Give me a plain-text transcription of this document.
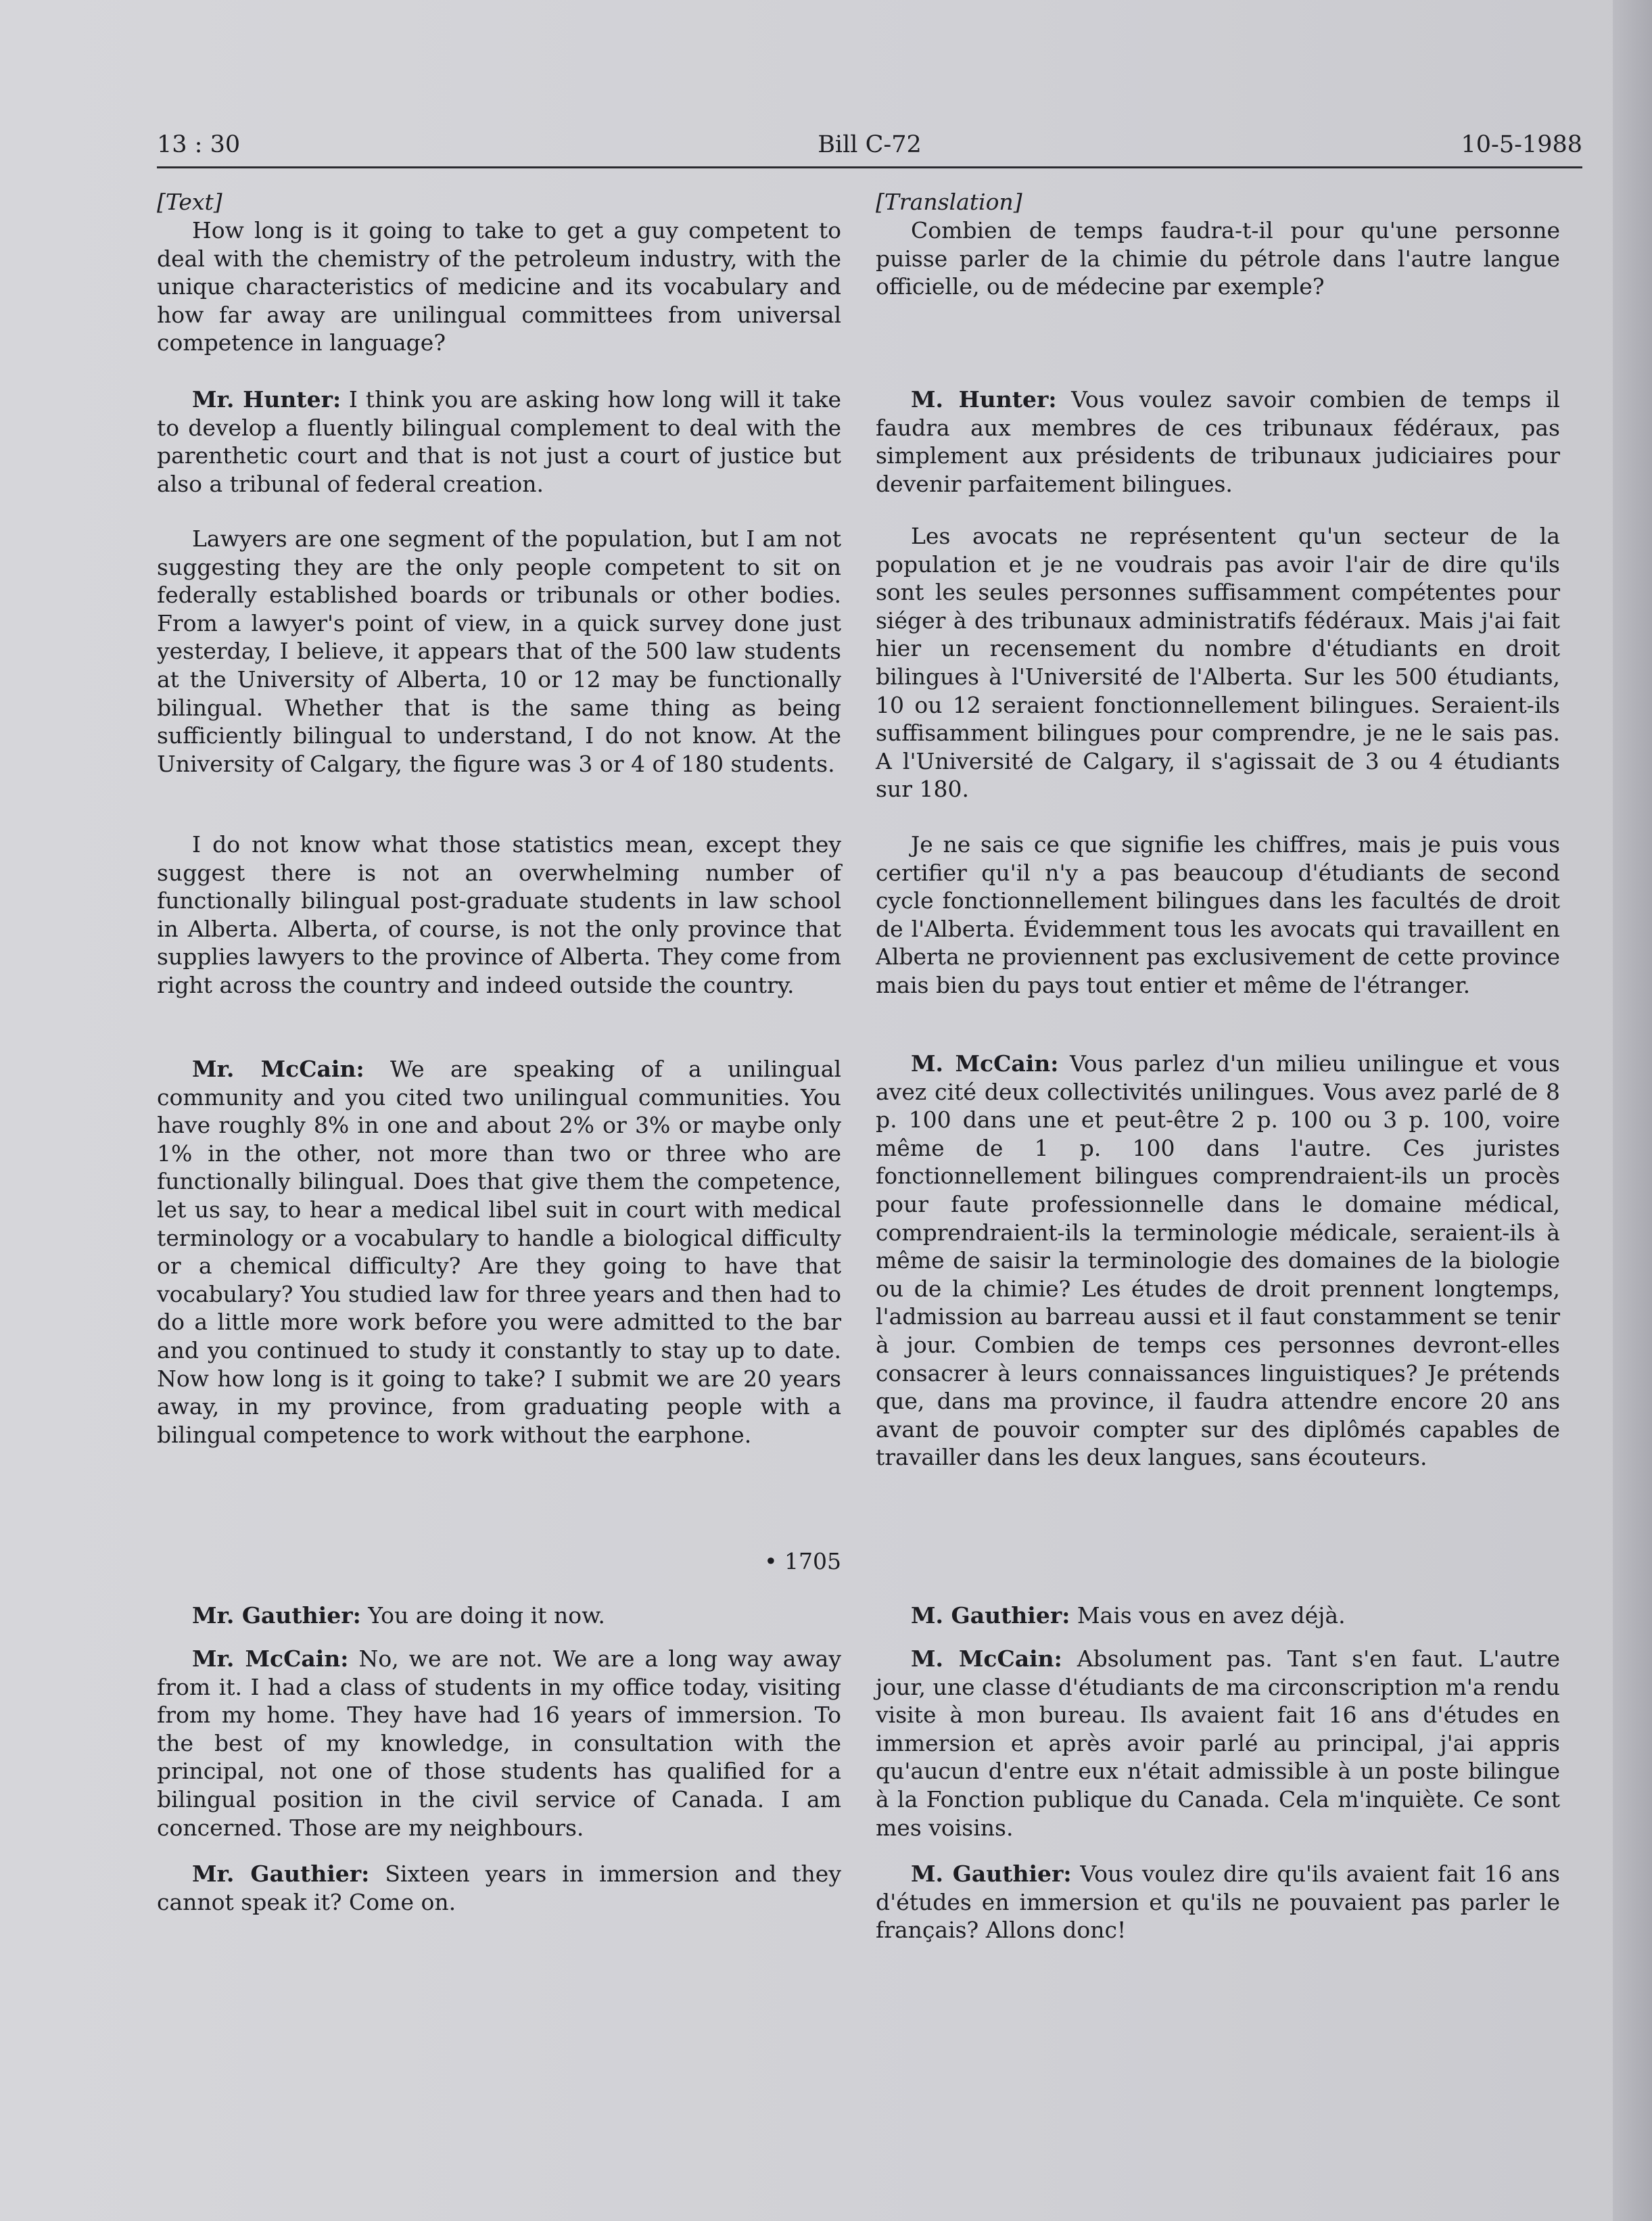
13 : 30	Bill C-72	10-5-1988

[Text]

How long is it going to take to get a guy competent to deal with the chemistry of the petroleum industry, with the unique characteristics of medicine and its vocabulary and how far away are unilingual committees from universal competence in language?

Mr. Hunter: I think you are asking how long will it take to develop a fluently bilingual complement to deal with the parenthetic court and that is not just a court of justice but also a tribunal of federal creation.

Lawyers are one segment of the population, but I am not suggesting they are the only people competent to sit on federally established boards or tribunals or other bodies. From a lawyer's point of view, in a quick survey done just yesterday, I believe, it appears that of the 500 law students at the University of Alberta, 10 or 12 may be functionally bilingual. Whether that is the same thing as being sufficiently bilingual to understand, I do not know. At the University of Calgary, the figure was 3 or 4 of 180 students.

I do not know what those statistics mean, except they suggest there is not an overwhelming number of functionally bilingual post-graduate students in law school in Alberta. Alberta, of course, is not the only province that supplies lawyers to the province of Alberta. They come from right across the country and indeed outside the country.

Mr. McCain: We are speaking of a unilingual community and you cited two unilingual communities. You have roughly 8% in one and about 2% or 3% or maybe only 1% in the other, not more than two or three who are functionally bilingual. Does that give them the competence, let us say, to hear a medical libel suit in court with medical terminology or a vocabulary to handle a biological difficulty or a chemical difficulty? Are they going to have that vocabulary? You studied law for three years and then had to do a little more work before you were admitted to the bar and you continued to study it constantly to stay up to date. Now how long is it going to take? I submit we are 20 years away, in my province, from graduating people with a bilingual competence to work without the earphone.

• 1705

Mr. Gauthier: You are doing it now.

Mr. McCain: No, we are not. We are a long way away from it. I had a class of students in my office today, visiting from my home. They have had 16 years of immersion. To the best of my knowledge, in consultation with the principal, not one of those students has qualified for a bilingual position in the civil service of Canada. I am concerned. Those are my neighbours.

Mr. Gauthier: Sixteen years in immersion and they cannot speak it? Come on.

[Translation]

Combien de temps faudra-t-il pour qu'une personne puisse parler de la chimie du pétrole dans l'autre langue officielle, ou de médecine par exemple?

M. Hunter: Vous voulez savoir combien de temps il faudra aux membres de ces tribunaux fédéraux, pas simplement aux présidents de tribunaux judiciaires pour devenir parfaitement bilingues.

Les avocats ne représentent qu'un secteur de la population et je ne voudrais pas avoir l'air de dire qu'ils sont les seules personnes suffisamment compétentes pour siéger à des tribunaux administratifs fédéraux. Mais j'ai fait hier un recensement du nombre d'étudiants en droit bilingues à l'Université de l'Alberta. Sur les 500 étudiants, 10 ou 12 seraient fonctionnellement bilingues. Seraient-ils suffisamment bilingues pour comprendre, je ne le sais pas. A l'Université de Calgary, il s'agissait de 3 ou 4 étudiants sur 180.

Je ne sais ce que signifie les chiffres, mais je puis vous certifier qu'il n'y a pas beaucoup d'étudiants de second cycle fonctionnellement bilingues dans les facultés de droit de l'Alberta. Évidemment tous les avocats qui travaillent en Alberta ne proviennent pas exclusivement de cette province mais bien du pays tout entier et même de l'étranger.

M. McCain: Vous parlez d'un milieu unilingue et vous avez cité deux collectivités unilingues. Vous avez parlé de 8 p. 100 dans une et peut-être 2 p. 100 ou 3 p. 100, voire même de 1 p. 100 dans l'autre. Ces juristes fonctionnellement bilingues comprendraient-ils un procès pour faute professionnelle dans le domaine médical, comprendraient-ils la terminologie médicale, seraient-ils à même de saisir la terminologie des domaines de la biologie ou de la chimie? Les études de droit prennent longtemps, l'admission au barreau aussi et il faut constamment se tenir à jour. Combien de temps ces personnes devront-elles consacrer à leurs connaissances linguistiques? Je prétends que, dans ma province, il faudra attendre encore 20 ans avant de pouvoir compter sur des diplômés capables de travailler dans les deux langues, sans écouteurs.

M. Gauthier: Mais vous en avez déjà.

M. McCain: Absolument pas. Tant s'en faut. L'autre jour, une classe d'étudiants de ma circonscription m'a rendu visite à mon bureau. Ils avaient fait 16 ans d'études en immersion et après avoir parlé au principal, j'ai appris qu'aucun d'entre eux n'était admissible à un poste bilingue à la Fonction publique du Canada. Cela m'inquiète. Ce sont mes voisins.

M. Gauthier: Vous voulez dire qu'ils avaient fait 16 ans d'études en immersion et qu'ils ne pouvaient pas parler le français? Allons donc!
